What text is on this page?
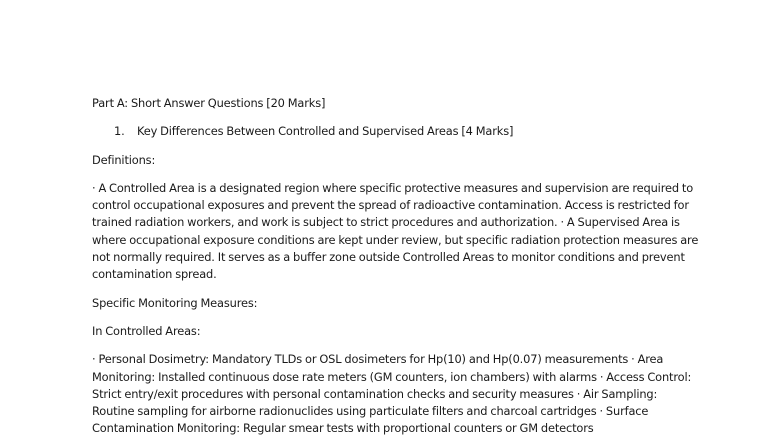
Part A: Short Answer Questions [20 Marks]

1.	Key Differences Between Controlled and Supervised Areas [4 Marks]

Definitions:

· A Controlled Area is a designated region where specific protective measures and supervision are required to control occupational exposures and prevent the spread of radioactive contamination. Access is restricted for trained radiation workers, and work is subject to strict procedures and authorization. · A Supervised Area is where occupational exposure conditions are kept under review, but specific radiation protection measures are not normally required. It serves as a buffer zone outside Controlled Areas to monitor conditions and prevent contamination spread.

Specific Monitoring Measures:

In Controlled Areas:

· Personal Dosimetry: Mandatory TLDs or OSL dosimeters for Hp(10) and Hp(0.07) measurements · Area Monitoring: Installed continuous dose rate meters (GM counters, ion chambers) with alarms · Access Control: Strict entry/exit procedures with personal contamination checks and security measures · Air Sampling: Routine sampling for airborne radionuclides using particulate filters and charcoal cartridges · Surface Contamination Monitoring: Regular smear tests with proportional counters or GM detectors
